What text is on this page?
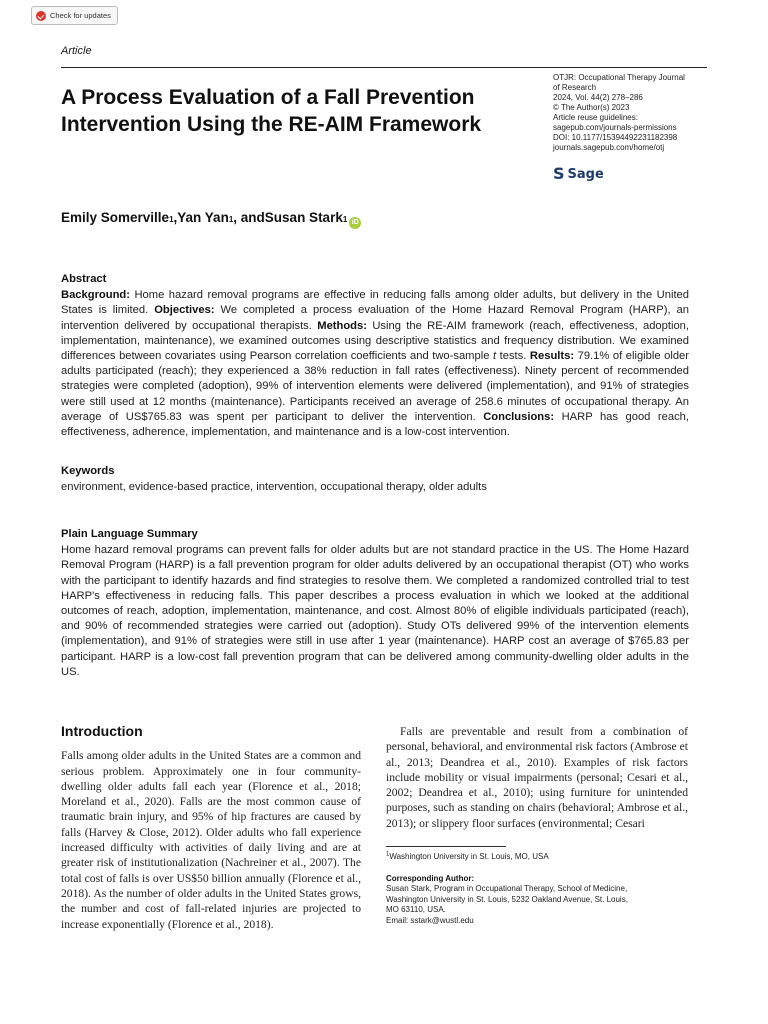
Check for updates
Article
A Process Evaluation of a Fall Prevention Intervention Using the RE-AIM Framework
OTJR: Occupational Therapy Journal
of Research
2024, Vol. 44(2) 278–286
© The Author(s) 2023
Article reuse guidelines:
sagepub.com/journals-permissions
DOI: 10.1177/15394492231182398
journals.sagepub.com/home/otj
S Sage
Emily Somerville 1 , Yan Yan 1 , and Susan Stark 1 iD
Abstract

Background: Home hazard removal programs are effective in reducing falls among older adults, but delivery in the United States is limited. Objectives: We completed a process evaluation of the Home Hazard Removal Program (HARP), an intervention delivered by occupational therapists. Methods: Using the RE-AIM framework (reach, effectiveness, adoption, implementation, maintenance), we examined outcomes using descriptive statistics and frequency distribution. We examined differences between covariates using Pearson correlation coefficients and two-sample t tests. Results: 79.1% of eligible older adults participated (reach); they experienced a 38% reduction in fall rates (effectiveness). Ninety percent of recommended strategies were completed (adoption), 99% of intervention elements were delivered (implementation), and 91% of strategies were still used at 12 months (maintenance). Participants received an average of 258.6 minutes of occupational therapy. An average of US$765.83 was spent per participant to deliver the intervention. Conclusions: HARP has good reach, effectiveness, adherence, implementation, and maintenance and is a low-cost intervention.

Keywords

environment, evidence-based practice, intervention, occupational therapy, older adults

Plain Language Summary

Home hazard removal programs can prevent falls for older adults but are not standard practice in the US. The Home Hazard Removal Program (HARP) is a fall prevention program for older adults delivered by an occupational therapist (OT) who works with the participant to identify hazards and find strategies to resolve them. We completed a randomized controlled trial to test HARP's effectiveness in reducing falls. This paper describes a process evaluation in which we looked at the additional outcomes of reach, adoption, implementation, maintenance, and cost. Almost 80% of eligible individuals participated (reach), and 90% of recommended strategies were carried out (adoption). Study OTs delivered 99% of the intervention elements (implementation), and 91% of strategies were still in use after 1 year (maintenance). HARP cost an average of $765.83 per participant. HARP is a low-cost fall prevention program that can be delivered among community-dwelling older adults in the US.

Introduction

Falls among older adults in the United States are a common and serious problem. Approximately one in four community-dwelling older adults fall each year (Florence et al., 2018; Moreland et al., 2020). Falls are the most common cause of traumatic brain injury, and 95% of hip fractures are caused by falls (Harvey & Close, 2012). Older adults who fall experience increased difficulty with activities of daily living and are at greater risk of institutionalization (Nachreiner et al., 2007). The total cost of falls is over US$50 billion annually (Florence et al., 2018). As the number of older adults in the United States grows, the number and cost of fall-related injuries are projected to increase exponentially (Florence et al., 2018).

Falls are preventable and result from a combination of personal, behavioral, and environmental risk factors (Ambrose et al., 2013; Deandrea et al., 2010). Examples of risk factors include mobility or visual impairments (personal; Cesari et al., 2002; Deandrea et al., 2010); using furniture for unintended purposes, such as standing on chairs (behavioral; Ambrose et al., 2013); or slippery floor surfaces (environmental; Cesari

$^1$Washington University in St. Louis, MO, USA
Corresponding Author:
Susan Stark, Program in Occupational Therapy, School of Medicine,
Washington University in St. Louis, 5232 Oakland Avenue, St. Louis,
MO 63110, USA.
Email: sstark@wustl.edu
